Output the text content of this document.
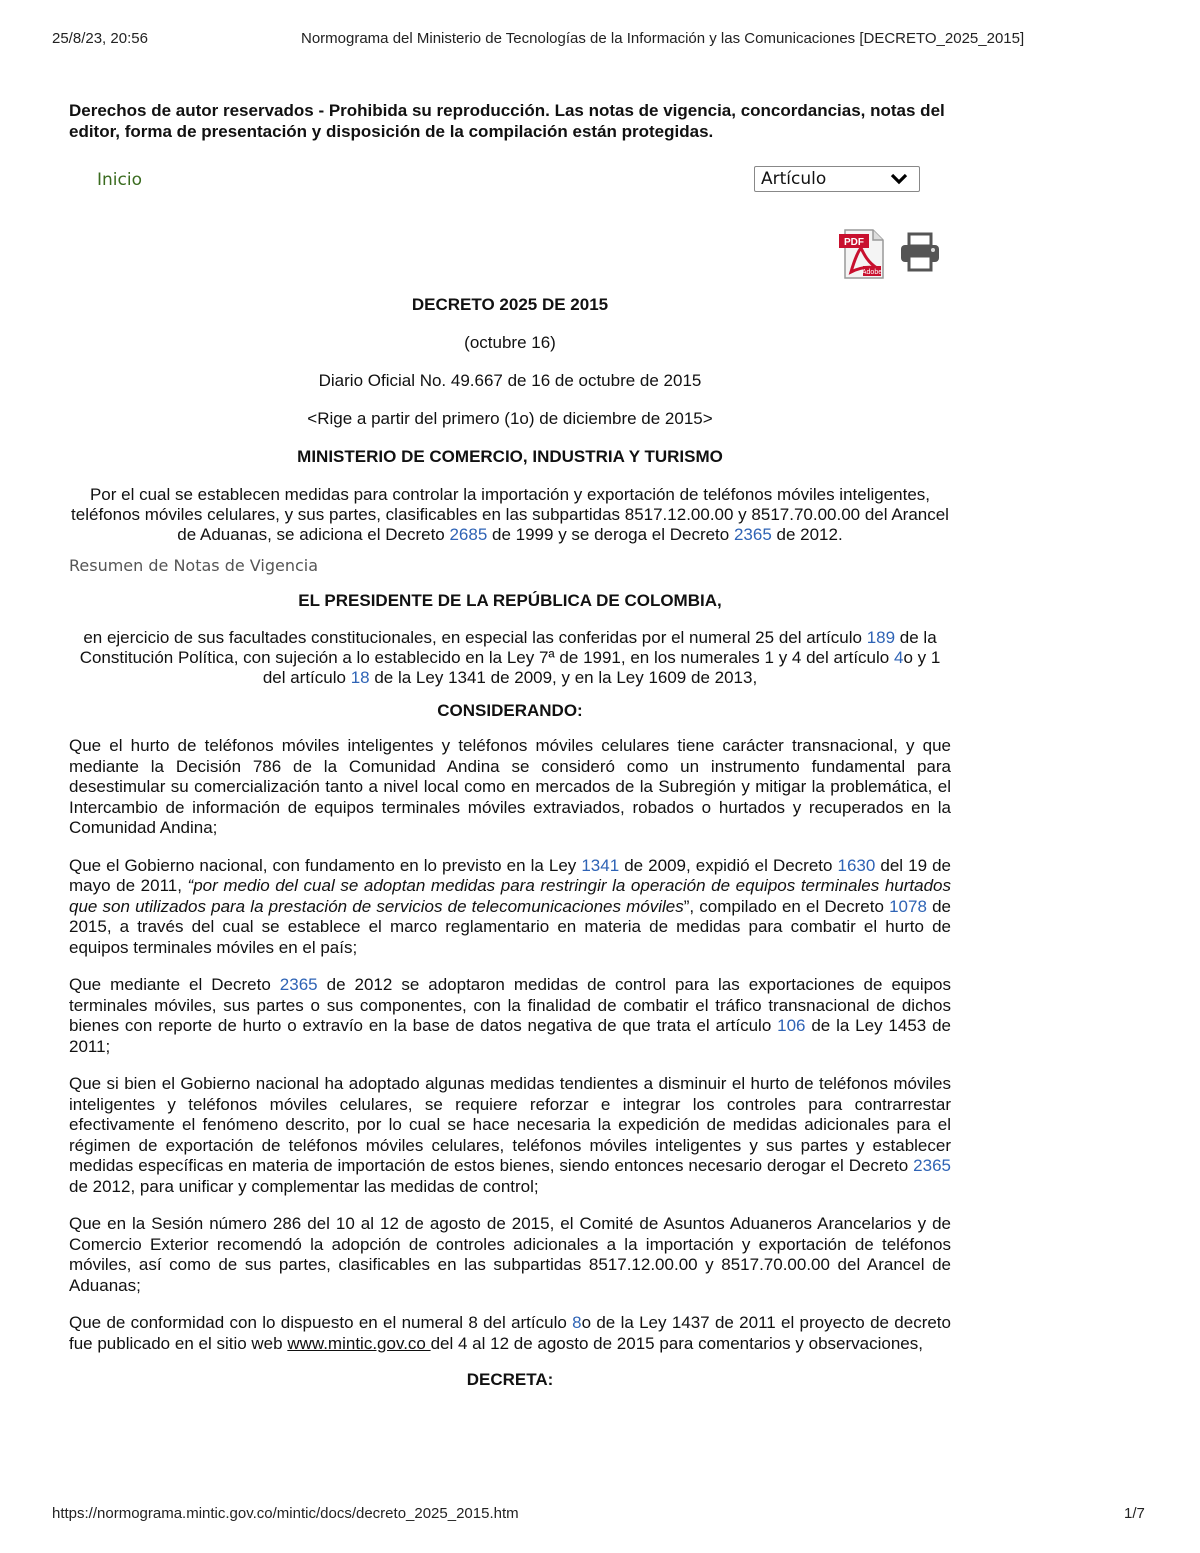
25/8/23, 20:56	Normograma del Ministerio de Tecnologías de la Información y las Comunicaciones [DECRETO_2025_2015]

Derechos de autor reservados - Prohibida su reproducción. Las notas de vigencia, concordancias, notas del editor, forma de presentación y disposición de la compilación están protegidas.

Inicio	Artículo
PDF
Adobe

DECRETO 2025 DE 2015

(octubre 16)

Diario Oficial No. 49.667 de 16 de octubre de 2015

<Rige a partir del primero (1o) de diciembre de 2015>

MINISTERIO DE COMERCIO, INDUSTRIA Y TURISMO

Por el cual se establecen medidas para controlar la importación y exportación de teléfonos móviles inteligentes, teléfonos móviles celulares, y sus partes, clasificables en las subpartidas 8517.12.00.00 y 8517.70.00.00 del Arancel de Aduanas, se adiciona el Decreto 2685 de 1999 y se deroga el Decreto 2365 de 2012.

Resumen de Notas de Vigencia

EL PRESIDENTE DE LA REPÚBLICA DE COLOMBIA,

en ejercicio de sus facultades constitucionales, en especial las conferidas por el numeral 25 del artículo 189 de la Constitución Política, con sujeción a lo establecido en la Ley 7ª de 1991, en los numerales 1 y 4 del artículo 4o y 1 del artículo 18 de la Ley 1341 de 2009, y en la Ley 1609 de 2013,

CONSIDERANDO:

Que el hurto de teléfonos móviles inteligentes y teléfonos móviles celulares tiene carácter transnacional, y que mediante la Decisión 786 de la Comunidad Andina se consideró como un instrumento fundamental para desestimular su comercialización tanto a nivel local como en mercados de la Subregión y mitigar la problemática, el Intercambio de información de equipos terminales móviles extraviados, robados o hurtados y recuperados en la Comunidad Andina;

Que el Gobierno nacional, con fundamento en lo previsto en la Ley 1341 de 2009, expidió el Decreto 1630 del 19 de mayo de 2011, “por medio del cual se adoptan medidas para restringir la operación de equipos terminales hurtados que son utilizados para la prestación de servicios de telecomunicaciones móviles”, compilado en el Decreto 1078 de 2015, a través del cual se establece el marco reglamentario en materia de medidas para combatir el hurto de equipos terminales móviles en el país;

Que mediante el Decreto 2365 de 2012 se adoptaron medidas de control para las exportaciones de equipos terminales móviles, sus partes o sus componentes, con la finalidad de combatir el tráfico transnacional de dichos bienes con reporte de hurto o extravío en la base de datos negativa de que trata el artículo 106 de la Ley 1453 de 2011;

Que si bien el Gobierno nacional ha adoptado algunas medidas tendientes a disminuir el hurto de teléfonos móviles inteligentes y teléfonos móviles celulares, se requiere reforzar e integrar los controles para contrarrestar efectivamente el fenómeno descrito, por lo cual se hace necesaria la expedición de medidas adicionales para el régimen de exportación de teléfonos móviles celulares, teléfonos móviles inteligentes y sus partes y establecer medidas específicas en materia de importación de estos bienes, siendo entonces necesario derogar el Decreto 2365 de 2012, para unificar y complementar las medidas de control;

Que en la Sesión número 286 del 10 al 12 de agosto de 2015, el Comité de Asuntos Aduaneros Arancelarios y de Comercio Exterior recomendó la adopción de controles adicionales a la importación y exportación de teléfonos móviles, así como de sus partes, clasificables en las subpartidas 8517.12.00.00 y 8517.70.00.00 del Arancel de Aduanas;

Que de conformidad con lo dispuesto en el numeral 8 del artículo 8o de la Ley 1437 de 2011 el proyecto de decreto fue publicado en el sitio web www.mintic.gov.co del 4 al 12 de agosto de 2015 para comentarios y observaciones,

DECRETA:

https://normograma.mintic.gov.co/mintic/docs/decreto_2025_2015.htm	1/7
